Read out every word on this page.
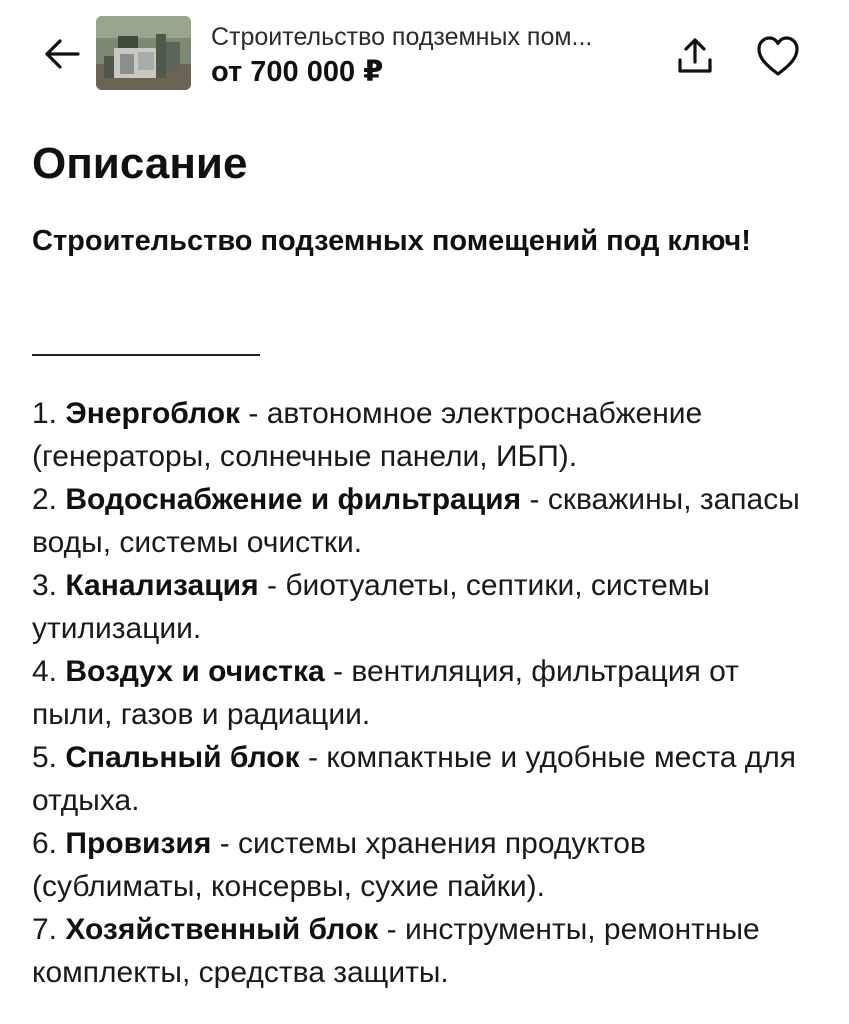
Строительство подземных пом...
от 700 000 ₽
Описание

Строительство подземных помещений под ключ!

1. Энергоблок - автономное электроснабжение (генераторы, солнечные панели, ИБП).
2. Водоснабжение и фильтрация - скважины, запасы воды, системы очистки.
3. Канализация - биотуалеты, септики, системы утилизации.
4. Воздух и очистка - вентиляция, фильтрация от пыли, газов и радиации.
5. Спальный блок - компактные и удобные места для отдыха.
6. Провизия - системы хранения продуктов (сублиматы, консервы, сухие пайки).
7. Хозяйственный блок - инструменты, ремонтные комплекты, средства защиты.
